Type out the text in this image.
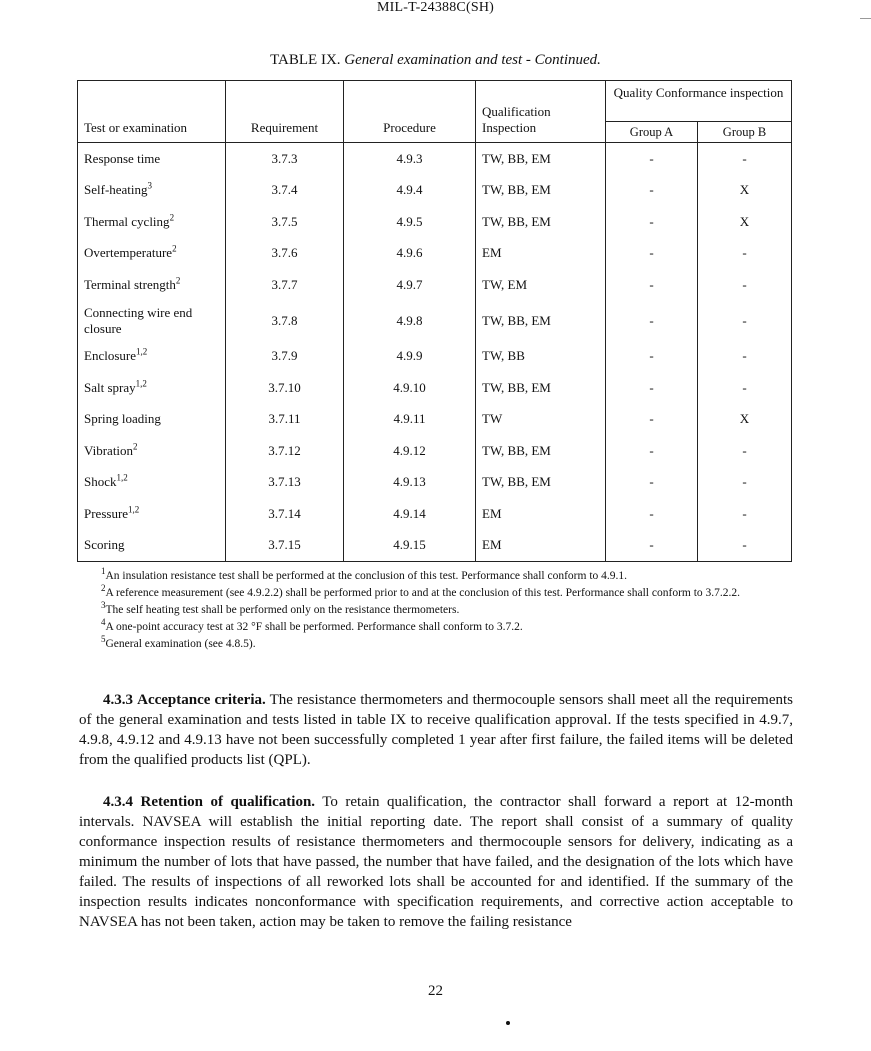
MIL-T-24388C(SH)
TABLE IX. General examination and test - Continued.
Test or examination	Requirement	Procedure	Qualification Inspection	Quality Conformance inspection	
				Group A	Group B
Response time	3.7.3	4.9.3	TW, BB, EM	-	-
Self-heating$^3$	3.7.4	4.9.4	TW, BB, EM	-	X
Thermal cycling$^2$	3.7.5	4.9.5	TW, BB, EM	-	X
Overtemperature$^2$	3.7.6	4.9.6	EM	-	-
Terminal strength$^2$	3.7.7	4.9.7	TW, EM	-	-
Connecting wire end closure	3.7.8	4.9.8	TW, BB, EM	-	-
Enclosure$^{1,2}$	3.7.9	4.9.9	TW, BB	-	-
Salt spray$^{1,2}$	3.7.10	4.9.10	TW, BB, EM	-	-
Spring loading	3.7.11	4.9.11	TW	-	X
Vibration$^2$	3.7.12	4.9.12	TW, BB, EM	-	-
Shock$^{1,2}$	3.7.13	4.9.13	TW, BB, EM	-	-
Pressure$^{1,2}$	3.7.14	4.9.14	EM	-	-
Scoring	3.7.15	4.9.15	EM	-	-

$^1$An insulation resistance test shall be performed at the conclusion of this test. Performance shall conform to 4.9.1.

$^2$A reference measurement (see 4.9.2.2) shall be performed prior to and at the conclusion of this test. Performance shall conform to 3.7.2.2.

$^3$The self heating test shall be performed only on the resistance thermometers.

$^4$A one-point accuracy test at 32 °F shall be performed. Performance shall conform to 3.7.2.

$^5$General examination (see 4.8.5).

4.3.3 Acceptance criteria. The resistance thermometers and thermocouple sensors shall meet all the requirements of the general examination and tests listed in table IX to receive qualification approval. If the tests specified in 4.9.7, 4.9.8, 4.9.12 and 4.9.13 have not been successfully completed 1 year after first failure, the failed items will be deleted from the qualified products list (QPL).

4.3.4 Retention of qualification. To retain qualification, the contractor shall forward a report at 12-month intervals. NAVSEA will establish the initial reporting date. The report shall consist of a summary of quality conformance inspection results of resistance thermometers and thermocouple sensors for delivery, indicating as a minimum the number of lots that have passed, the number that have failed, and the designation of the lots which have failed. The results of inspections of all reworked lots shall be accounted for and identified. If the summary of the inspection results indicates nonconformance with specification requirements, and corrective action acceptable to NAVSEA has not been taken, action may be taken to remove the failing resistance

22
